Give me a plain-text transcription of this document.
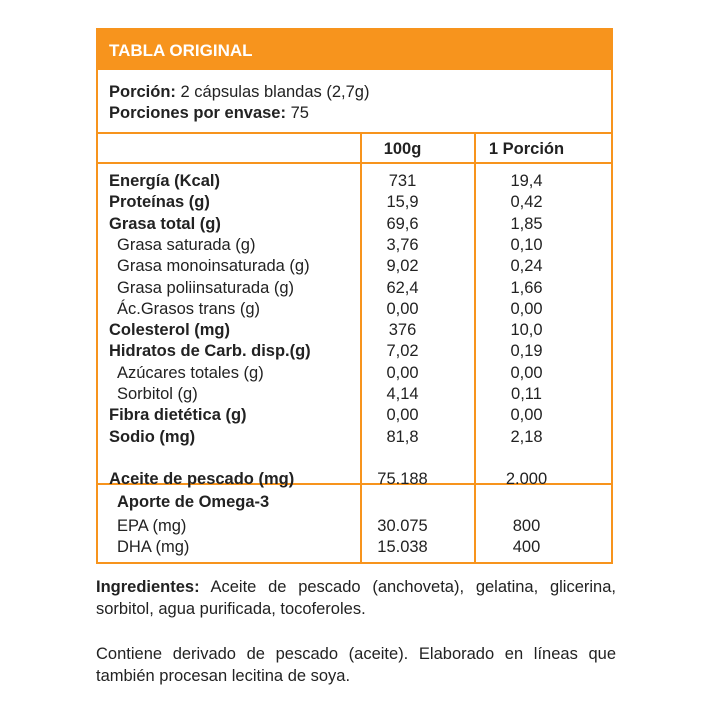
TABLA ORIGINAL
Porción: 2 cápsulas blandas (2,7g)
Porciones por envase: 75
100g	1 Porción
Energía (Kcal)	731	19,4
Proteínas (g)	15,9	0,42
Grasa total (g)	69,6	1,85
Grasa saturada (g)	3,76	0,10
Grasa monoinsaturada (g)	9,02	0,24
Grasa poliinsaturada (g)	62,4	1,66
Ác.Grasos trans (g)	0,00	0,00
Colesterol (mg)	376	10,0
Hidratos de Carb. disp.(g)	7,02	0,19
Azúcares totales (g)	0,00	0,00
Sorbitol (g)	4,14	0,11
Fibra dietética (g)	0,00	0,00
Sodio (mg)	81,8	2,18
Aceite de pescado (mg)	75.188	2.000
Aporte de Omega-3
EPA (mg)	30.075	800
DHA (mg)	15.038	400
Ingredientes: Aceite de pescado (anchoveta), gelatina, glicerina, sorbitol, agua purificada, tocoferoles.
Contiene derivado de pescado (aceite). Elaborado en líneas que también procesan lecitina de soya.
